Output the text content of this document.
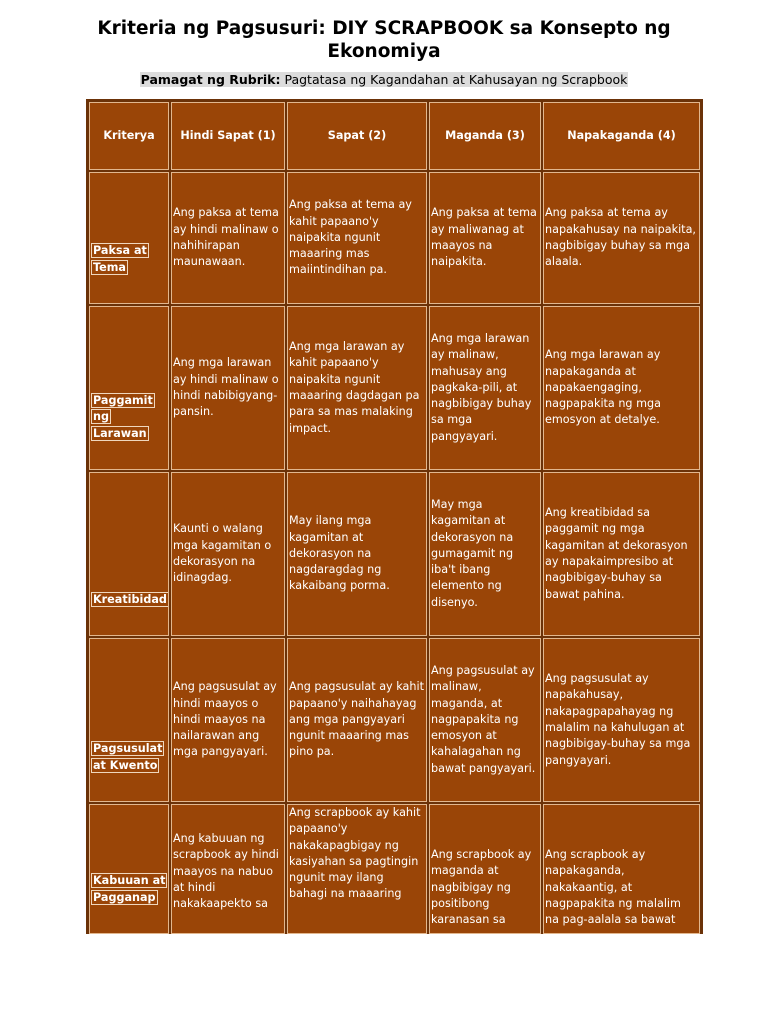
Kriteria ng Pagsusuri: DIY SCRAPBOOK sa Konsepto ng Ekonomiya
Pamagat ng Rubrik: Pagtatasa ng Kagandahan at Kahusayan ng Scrapbook
Kriterya	Hindi Sapat (1)	Sapat (2)	Maganda (3)	Napakaganda (4)
Paksa at Tema	Ang paksa at tema ay hindi malinaw o nahihirapan maunawaan.	Ang paksa at tema ay kahit papaano'y naipakita ngunit maaaring mas maiintindihan pa.	Ang paksa at tema ay maliwanag at maayos na naipakita.	Ang paksa at tema ay napakahusay na naipakita, nagbibigay buhay sa mga alaala.
Paggamit ng Larawan	Ang mga larawan ay hindi malinaw o hindi nabibigyang-pansin.	Ang mga larawan ay kahit papaano'y naipakita ngunit maaaring dagdagan pa para sa mas malaking impact.	Ang mga larawan ay malinaw, mahusay ang pagkaka-pili, at nagbibigay buhay sa mga pangyayari.	Ang mga larawan ay napakaganda at napakaengaging, nagpapakita ng mga emosyon at detalye.
Kreatibidad	Kaunti o walang mga kagamitan o dekorasyon na idinagdag.	May ilang mga kagamitan at dekorasyon na nagdaragdag ng kakaibang porma.	May mga kagamitan at dekorasyon na gumagamit ng iba't ibang elemento ng disenyo.	Ang kreatibidad sa paggamit ng mga kagamitan at dekorasyon ay napakaimpresibo at nagbibigay-buhay sa bawat pahina.
Pagsusulat at Kwento	Ang pagsusulat ay hindi maayos o hindi maayos na nailarawan ang mga pangyayari.	Ang pagsusulat ay kahit papaano'y naihahayag ang mga pangyayari ngunit maaaring mas pino pa.	Ang pagsusulat ay malinaw, maganda, at nagpapakita ng emosyon at kahalagahan ng bawat pangyayari.	Ang pagsusulat ay napakahusay, nakapagpapahayag ng malalim na kahulugan at nagbibigay-buhay sa mga pangyayari.
Kabuuan at Pagganap	Ang kabuuan ng scrapbook ay hindi maayos na nabuo at hindi nakakaapekto sa	Ang scrapbook ay kahit papaano'y nakakapagbigay ng kasiyahan sa pagtingin ngunit may ilang bahagi na maaaring	Ang scrapbook ay maganda at nagbibigay ng positibong karanasan sa	Ang scrapbook ay napakaganda, nakakaantig, at nagpapakita ng malalim na pag-aalala sa bawat
